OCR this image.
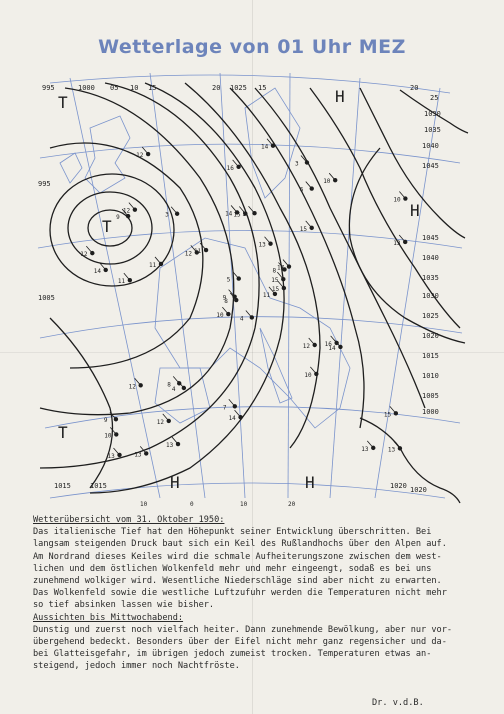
Wetterlage von 01 Uhr MEZ
995	1000 05 10 15	20 1025 15	20
25
1030
1035
1040
1045
995
1005
1015	1020
1045
1040
1035
1030
1025
1020
1015
1010
1005
1000
1015	1020
T
T
T
H
H
H
H
10	0	10	20
4
9
8
9
8
4
3
5
6
11
12
13
11
10
10
15
13
14
13
12
11
10
12
15
17
14
12
16
14
12
13
9
7
5
3
10
8
13
15
16
14
12
11
10
13
12
15
13
14
15

Wetterübersicht vom 31. Oktober 1950:

Das italienische Tief hat den Höhepunkt seiner Entwicklung überschritten. Bei
langsam steigenden Druck baut sich ein Keil des Rußlandhochs über den Alpen auf.
Am Nordrand dieses Keiles wird die schmale Aufheiterungszone zwischen dem west-
lichen und dem östlichen Wolkenfeld mehr und mehr eingeengt, sodaß es bei uns
zunehmend wolkiger wird. Wesentliche Niederschläge sind aber nicht zu erwarten.
Das Wolkenfeld sowie die westliche Luftzufuhr werden die Temperaturen nicht mehr
so tief absinken lassen wie bisher.

Aussichten bis Mittwochabend:

Dunstig und zuerst noch vielfach heiter. Dann zunehmende Bewölkung, aber nur vor-
übergehend bedeckt. Besonders über der Eifel nicht mehr ganz regensicher und da-
bei Glatteisgefahr, im übrigen jedoch zumeist trocken. Temperaturen etwas an-
steigend, jedoch immer noch Nachtfröste.

Dr. v.d.B.
